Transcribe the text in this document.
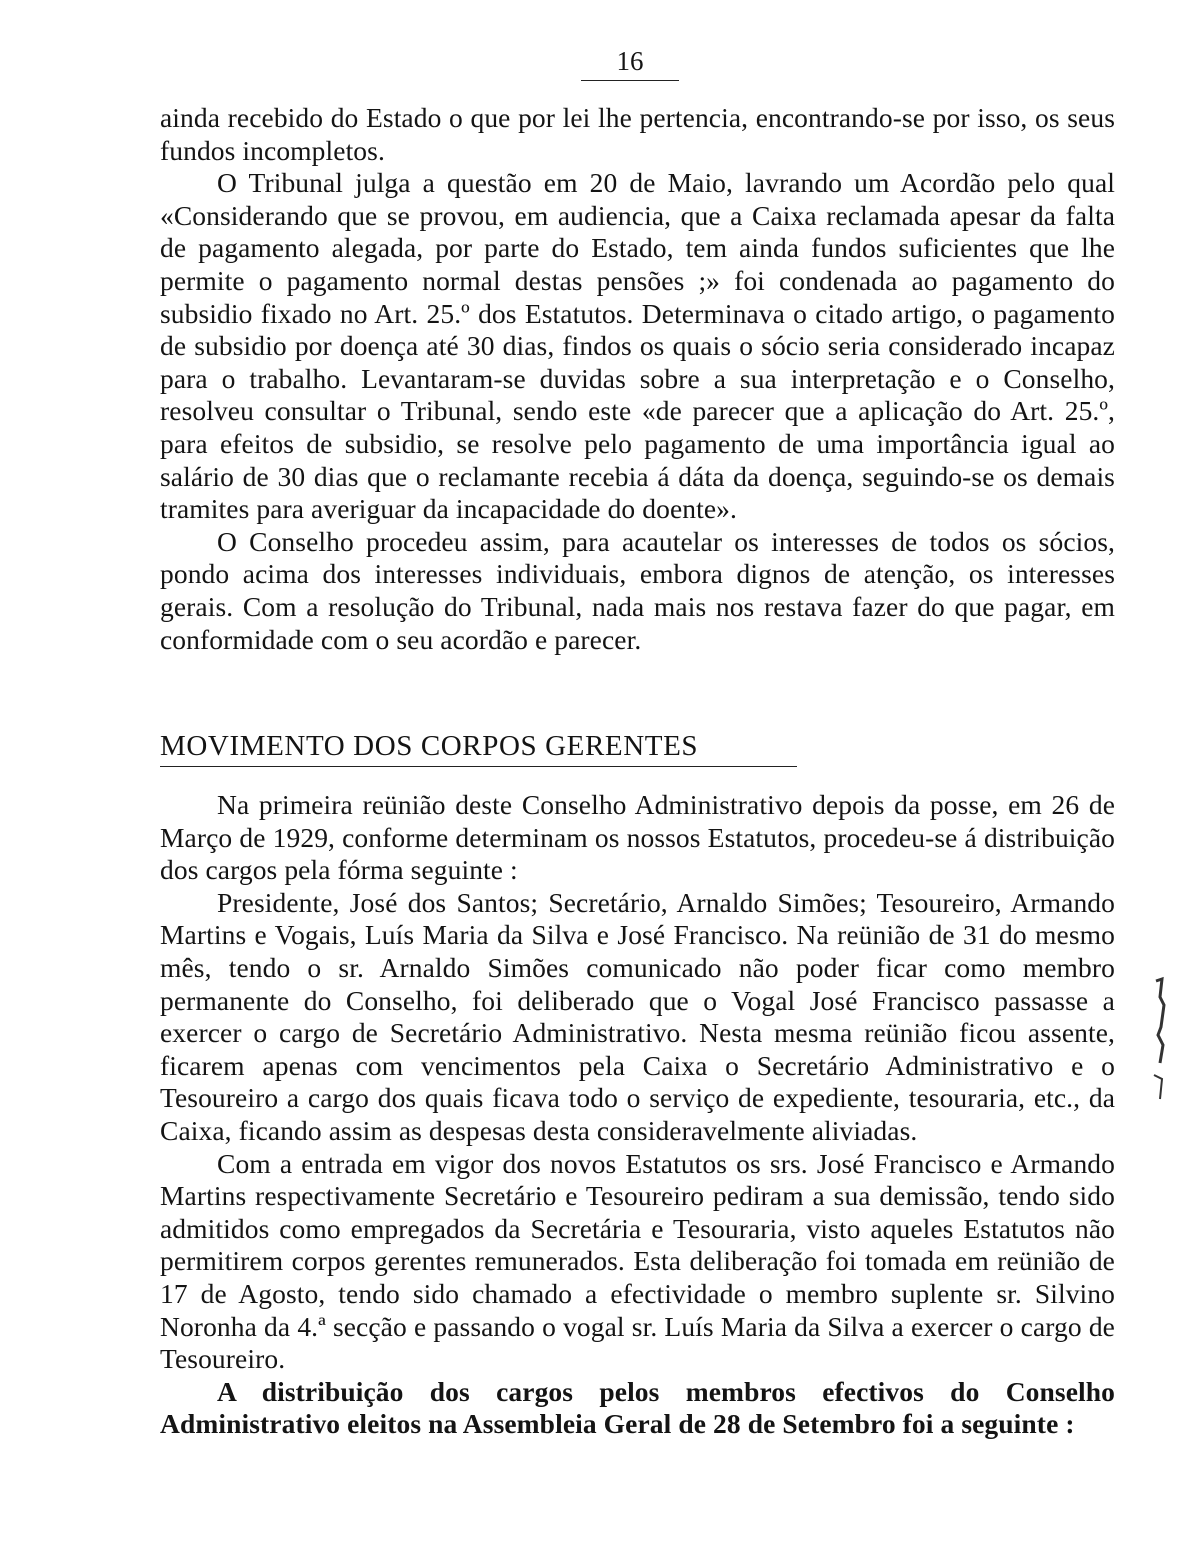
16

ainda recebido do Estado o que por lei lhe pertencia, encontrando-se por isso, os seus fundos incompletos.

O Tribunal julga a questão em 20 de Maio, lavrando um Acordão pelo qual «Considerando que se provou, em audiencia, que a Caixa reclamada apesar da falta de pagamento alegada, por parte do Estado, tem ainda fundos suficientes que lhe permite o pagamento normal destas pensões ;» foi condenada ao pagamento do subsidio fixado no Art. 25.º dos Estatutos. Determinava o citado artigo, o pagamento de subsidio por doença até 30 dias, findos os quais o sócio seria considerado incapaz para o trabalho. Levantaram-se duvidas sobre a sua interpretação e o Conselho, resolveu consultar o Tribunal, sendo este «de parecer que a aplicação do Art. 25.º, para efeitos de subsidio, se resolve pelo pagamento de uma importância igual ao salário de 30 dias que o reclamante recebia á dáta da doença, seguindo-se os demais tramites para averiguar da incapacidade do doente».

O Conselho procedeu assim, para acautelar os interesses de todos os sócios, pondo acima dos interesses individuais, embora dignos de atenção, os interesses gerais. Com a resolução do Tribunal, nada mais nos restava fazer do que pagar, em conformidade com o seu acordão e parecer.

MOVIMENTO DOS CORPOS GERENTES

Na primeira reünião deste Conselho Administrativo depois da posse, em 26 de Março de 1929, conforme determinam os nossos Estatutos, procedeu-se á distribuição dos cargos pela fórma seguinte :

Presidente, José dos Santos; Secretário, Arnaldo Simões; Tesoureiro, Armando Martins e Vogais, Luís Maria da Silva e José Francisco. Na reünião de 31 do mesmo mês, tendo o sr. Arnaldo Simões comunicado não poder ficar como membro permanente do Conselho, foi deliberado que o Vogal José Francisco passasse a exercer o cargo de Secretário Administrativo. Nesta mesma reünião ficou assente, ficarem apenas com vencimentos pela Caixa o Secretário Administrativo e o Tesoureiro a cargo dos quais ficava todo o serviço de expediente, tesouraria, etc., da Caixa, ficando assim as despesas desta consideravelmente aliviadas.

Com a entrada em vigor dos novos Estatutos os srs. José Francisco e Armando Martins respectivamente Secretário e Tesoureiro pediram a sua demissão, tendo sido admitidos como empregados da Secretária e Tesouraria, visto aqueles Estatutos não permitirem corpos gerentes remunerados. Esta deliberação foi tomada em reünião de 17 de Agosto, tendo sido chamado a efectividade o membro suplente sr. Silvino Noronha da 4.ª secção e passando o vogal sr. Luís Maria da Silva a exercer o cargo de Tesoureiro.

A distribuição dos cargos pelos membros efectivos do Conselho Administrativo eleitos na Assembleia Geral de 28 de Setembro foi a seguinte :
